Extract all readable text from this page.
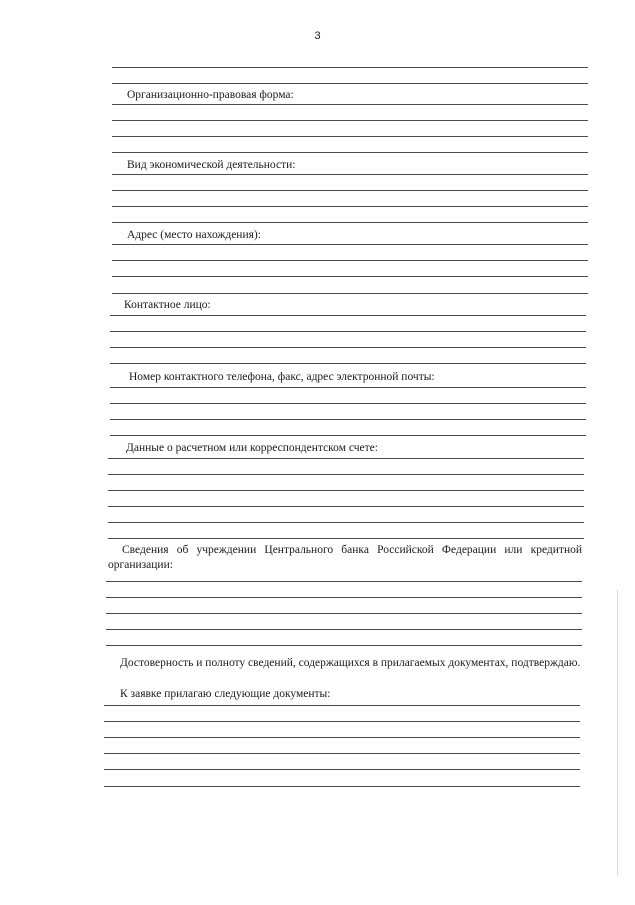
3
Организационно-правовая форма:
Вид экономической деятельности:
Адрес (место нахождения):
Контактное лицо:
Номер контактного телефона, факс, адрес электронной почты:
Данные о расчетном или корреспондентском счете:
Сведения об учреждении Центрального банка Российской Федерации или кредитной организации:
Достоверность и полноту сведений, содержащихся в прилагаемых документах, подтверждаю.
К заявке прилагаю следующие документы:
